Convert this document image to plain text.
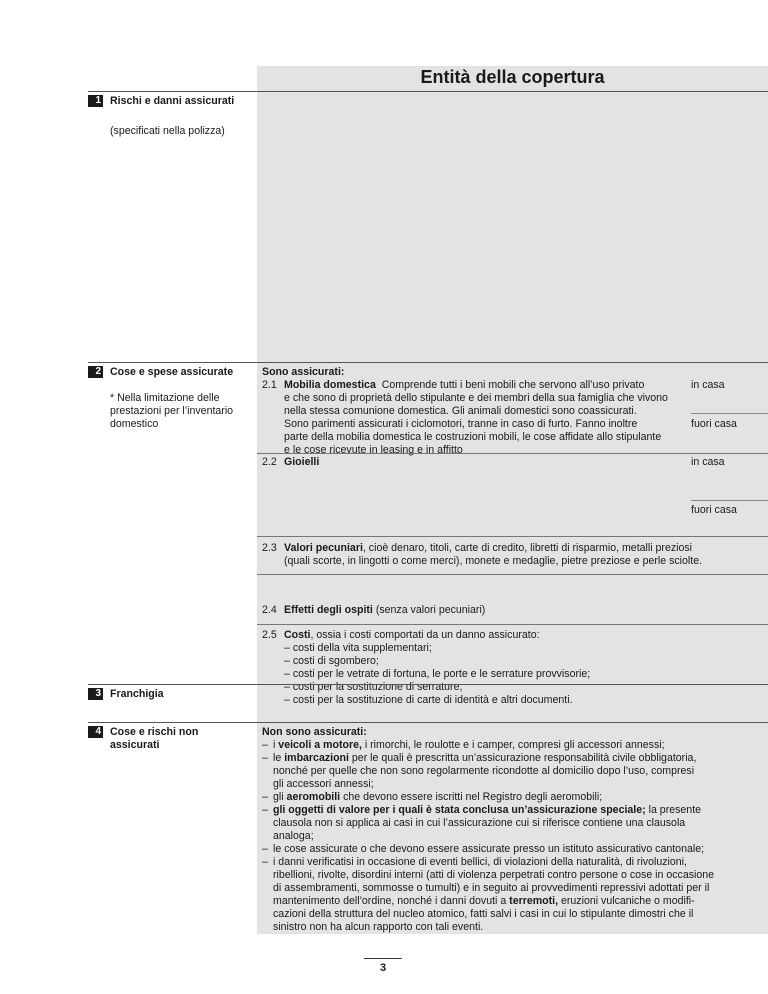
Entità della copertura
1 Rischi e danni assicurati
(specificati nella polizza)
2 Cose e spese assicurate
* Nella limitazione delle prestazioni per l’inventario domestico
Sono assicurati:
2.1 Mobilia domestica Comprende tutti i beni mobili che servono all’uso privato
e che sono di proprietà dello stipulante e dei membri della sua famiglia che vivono
nella stessa comunione domestica. Gli animali domestici sono coassicurati.
Sono parimenti assicurati i ciclomotori, tranne in caso di furto. Fanno inoltre
parte della mobilia domestica le costruzioni mobili, le cose affidate allo stipulante
e le cose ricevute in leasing e in affitto
in casa
fuori casa
2.2 Gioielli	in casa
fuori casa
2.3 Valori pecuniari, cioè denaro, titoli, carte di credito, libretti di risparmio, metalli preziosi
(quali scorte, in lingotti o come merci), monete e medaglie, pietre preziose e perle sciolte.
2.4 Effetti degli ospiti (senza valori pecuniari)
2.5 Costi, ossia i costi comportati da un danno assicurato:
– costi della vita supplementari;
– costi di sgombero;
– costi per le vetrate di fortuna, le porte e le serrature provvisorie;
– costi per la sostituzione di serrature;
– costi per la sostituzione di carte di identità e altri documenti.
3 Franchigia
4 Cose e rischi non assicurati
Non sono assicurati:
– i veicoli a motore, i rimorchi, le roulotte e i camper, compresi gli accessori annessi;
– le imbarcazioni per le quali è prescritta un’assicurazione responsabilità civile obbligatoria,
nonché per quelle che non sono regolarmente ricondotte al domicilio dopo l’uso, compresi
gli accessori annessi;
– gli aeromobili che devono essere iscritti nel Registro degli aeromobili;
– gli oggetti di valore per i quali è stata conclusa un’assicurazione speciale; la presente
clausola non si applica ai casi in cui l’assicurazione cui si riferisce contiene una clausola
analoga;
– le cose assicurate o che devono essere assicurate presso un istituto assicurativo cantonale;
– i danni verificatisi in occasione di eventi bellici, di violazioni della naturalità, di rivoluzioni,
ribellioni, rivolte, disordini interni (atti di violenza perpetrati contro persone o cose in occasione
di assembramenti, sommosse o tumulti) e in seguito ai provvedimenti repressivi adottati per il
mantenimento dell’ordine, nonché i danni dovuti a terremoti, eruzioni vulcaniche o modifi-
cazioni della struttura del nucleo atomico, fatti salvi i casi in cui lo stipulante dimostri che il
sinistro non ha alcun rapporto con tali eventi.
3
